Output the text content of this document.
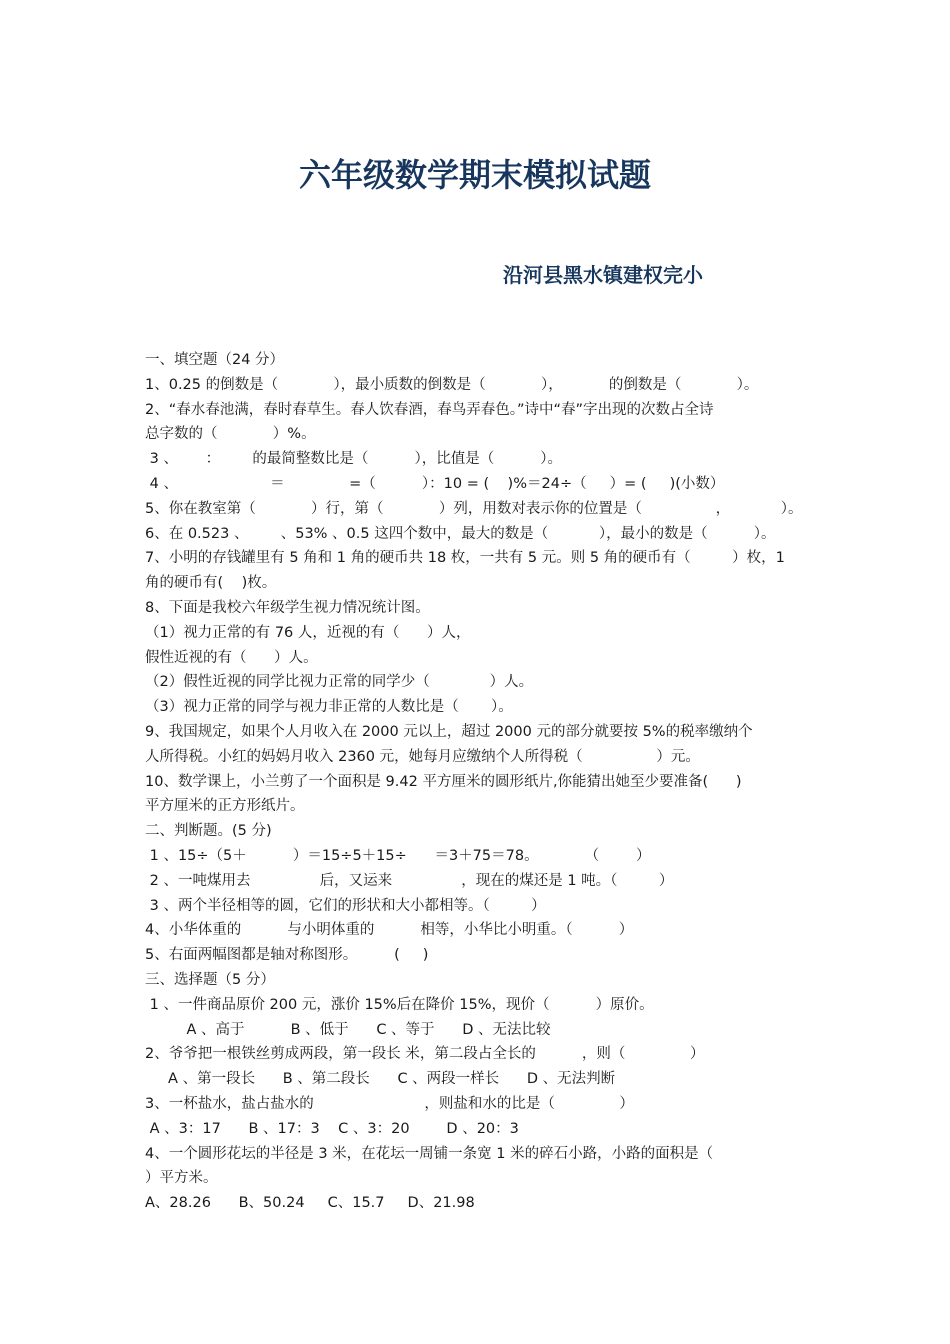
六年级数学期末模拟试题
沿河县黑水镇建权完小
一、填空题（24 分）
1、0.25 的倒数是（            ），最小质数的倒数是（            ），          的倒数是（            ）。
2、“春水春池满，春时春草生。春人饮春酒，春鸟弄春色。”诗中“春”字出现的次数占全诗
总字数的（            ）%。
3 、      ：       的最简整数比是（          ），比值是（          ）。
4 、                    ＝              =（          ）：10 = (    )%＝24÷（     ）= (     )(小数）
5、你在教室第（            ）行，第（            ）列，用数对表示你的位置是（                ，           ）。
6、在 0.523 、       、53% 、0.5 这四个数中，最大的数是（           ），最小的数是（          ）。
7、小明的存钱罐里有 5 角和 1 角的硬币共 18 枚，一共有 5 元。则 5 角的硬币有（         ）枚，1
角的硬币有(    )枚。
8、下面是我校六年级学生视力情况统计图。
（1）视力正常的有 76 人，近视的有（      ）人，
假性近视的有（      ）人。
（2）假性近视的同学比视力正常的同学少（             ）人。
（3）视力正常的同学与视力非正常的人数比是（       ）。
9、我国规定，如果个人月收入在 2000 元以上，超过 2000 元的部分就要按 5%的税率缴纳个
人所得税。小红的妈妈月收入 2360 元，她每月应缴纳个人所得税（                ）元。
10、数学课上，小兰剪了一个面积是 9.42 平方厘米的圆形纸片,你能猜出她至少要准备(      )
平方厘米的正方形纸片。
二、判断题。(5 分)
1 、15÷（5＋          ）＝15÷5＋15÷      ＝3＋75＝78。          （        ）
2 、一吨煤用去               后，又运来               ，现在的煤还是 1 吨。（         ）
3 、两个半径相等的圆，它们的形状和大小都相等。（         ）
4、小华体重的          与小明体重的          相等，小华比小明重。（          ）
5、右面两幅图都是轴对称图形。        (     )
三、选择题（5 分）
1 、一件商品原价 200 元，涨价 15%后在降价 15%，现价（          ）原价。
A 、高于          B 、低于      C 、等于      D 、无法比较
2、爷爷把一根铁丝剪成两段，第一段长 米，第二段占全长的          ，则（              ）
A 、第一段长      B 、第二段长      C 、两段一样长      D 、无法判断
3、一杯盐水，盐占盐水的                        ，则盐和水的比是（              ）
A 、3：17      B 、17：3    C 、3：20        D 、20：3
4、一个圆形花坛的半径是 3 米，在花坛一周铺一条宽 1 米的碎石小路，小路的面积是（
）平方米。
A、28.26      B、50.24     C、15.7     D、21.98
